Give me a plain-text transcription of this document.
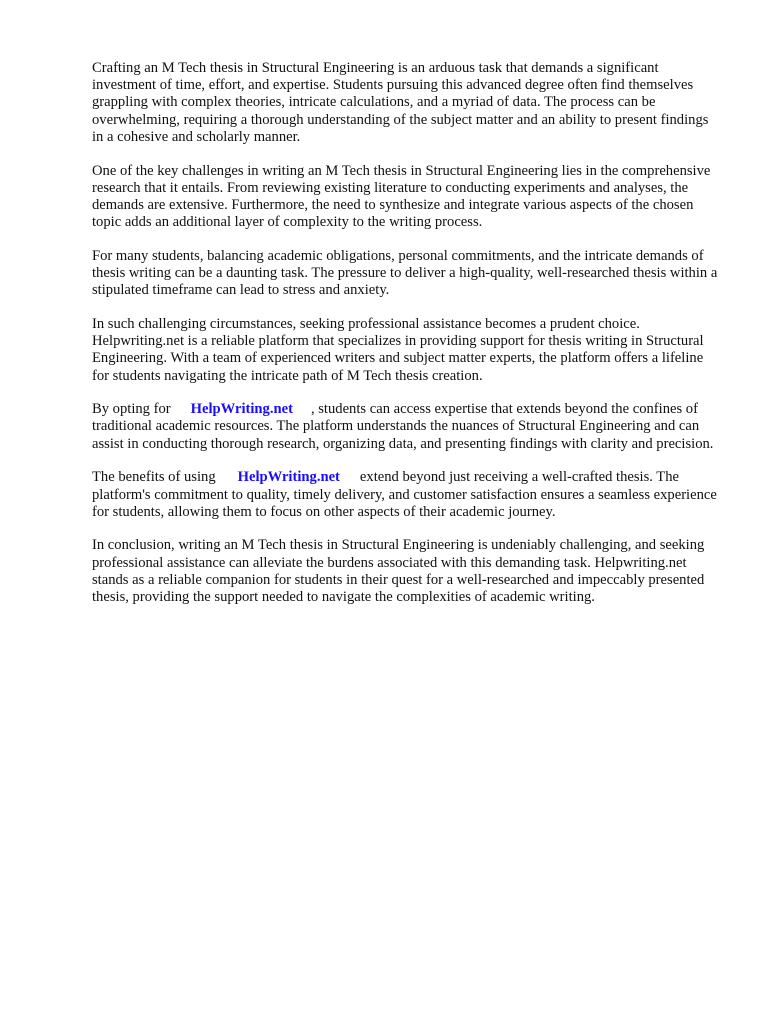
Crafting an M Tech thesis in Structural Engineering is an arduous task that demands a significant investment of time, effort, and expertise. Students pursuing this advanced degree often find themselves grappling with complex theories, intricate calculations, and a myriad of data. The process can be overwhelming, requiring a thorough understanding of the subject matter and an ability to present findings in a cohesive and scholarly manner.

One of the key challenges in writing an M Tech thesis in Structural Engineering lies in the comprehensive research that it entails. From reviewing existing literature to conducting experiments and analyses, the demands are extensive. Furthermore, the need to synthesize and integrate various aspects of the chosen topic adds an additional layer of complexity to the writing process.

For many students, balancing academic obligations, personal commitments, and the intricate demands of thesis writing can be a daunting task. The pressure to deliver a high-quality, well-researched thesis within a stipulated timeframe can lead to stress and anxiety.

In such challenging circumstances, seeking professional assistance becomes a prudent choice. Helpwriting.net is a reliable platform that specializes in providing support for thesis writing in Structural Engineering. With a team of experienced writers and subject matter experts, the platform offers a lifeline for students navigating the intricate path of M Tech thesis creation.

By opting for HelpWriting.net , students can access expertise that extends beyond the confines of traditional academic resources. The platform understands the nuances of Structural Engineering and can assist in conducting thorough research, organizing data, and presenting findings with clarity and precision.

The benefits of using HelpWriting.net extend beyond just receiving a well-crafted thesis. The platform's commitment to quality, timely delivery, and customer satisfaction ensures a seamless experience for students, allowing them to focus on other aspects of their academic journey.

In conclusion, writing an M Tech thesis in Structural Engineering is undeniably challenging, and seeking professional assistance can alleviate the burdens associated with this demanding task. Helpwriting.net stands as a reliable companion for students in their quest for a well-researched and impeccably presented thesis, providing the support needed to navigate the complexities of academic writing.
